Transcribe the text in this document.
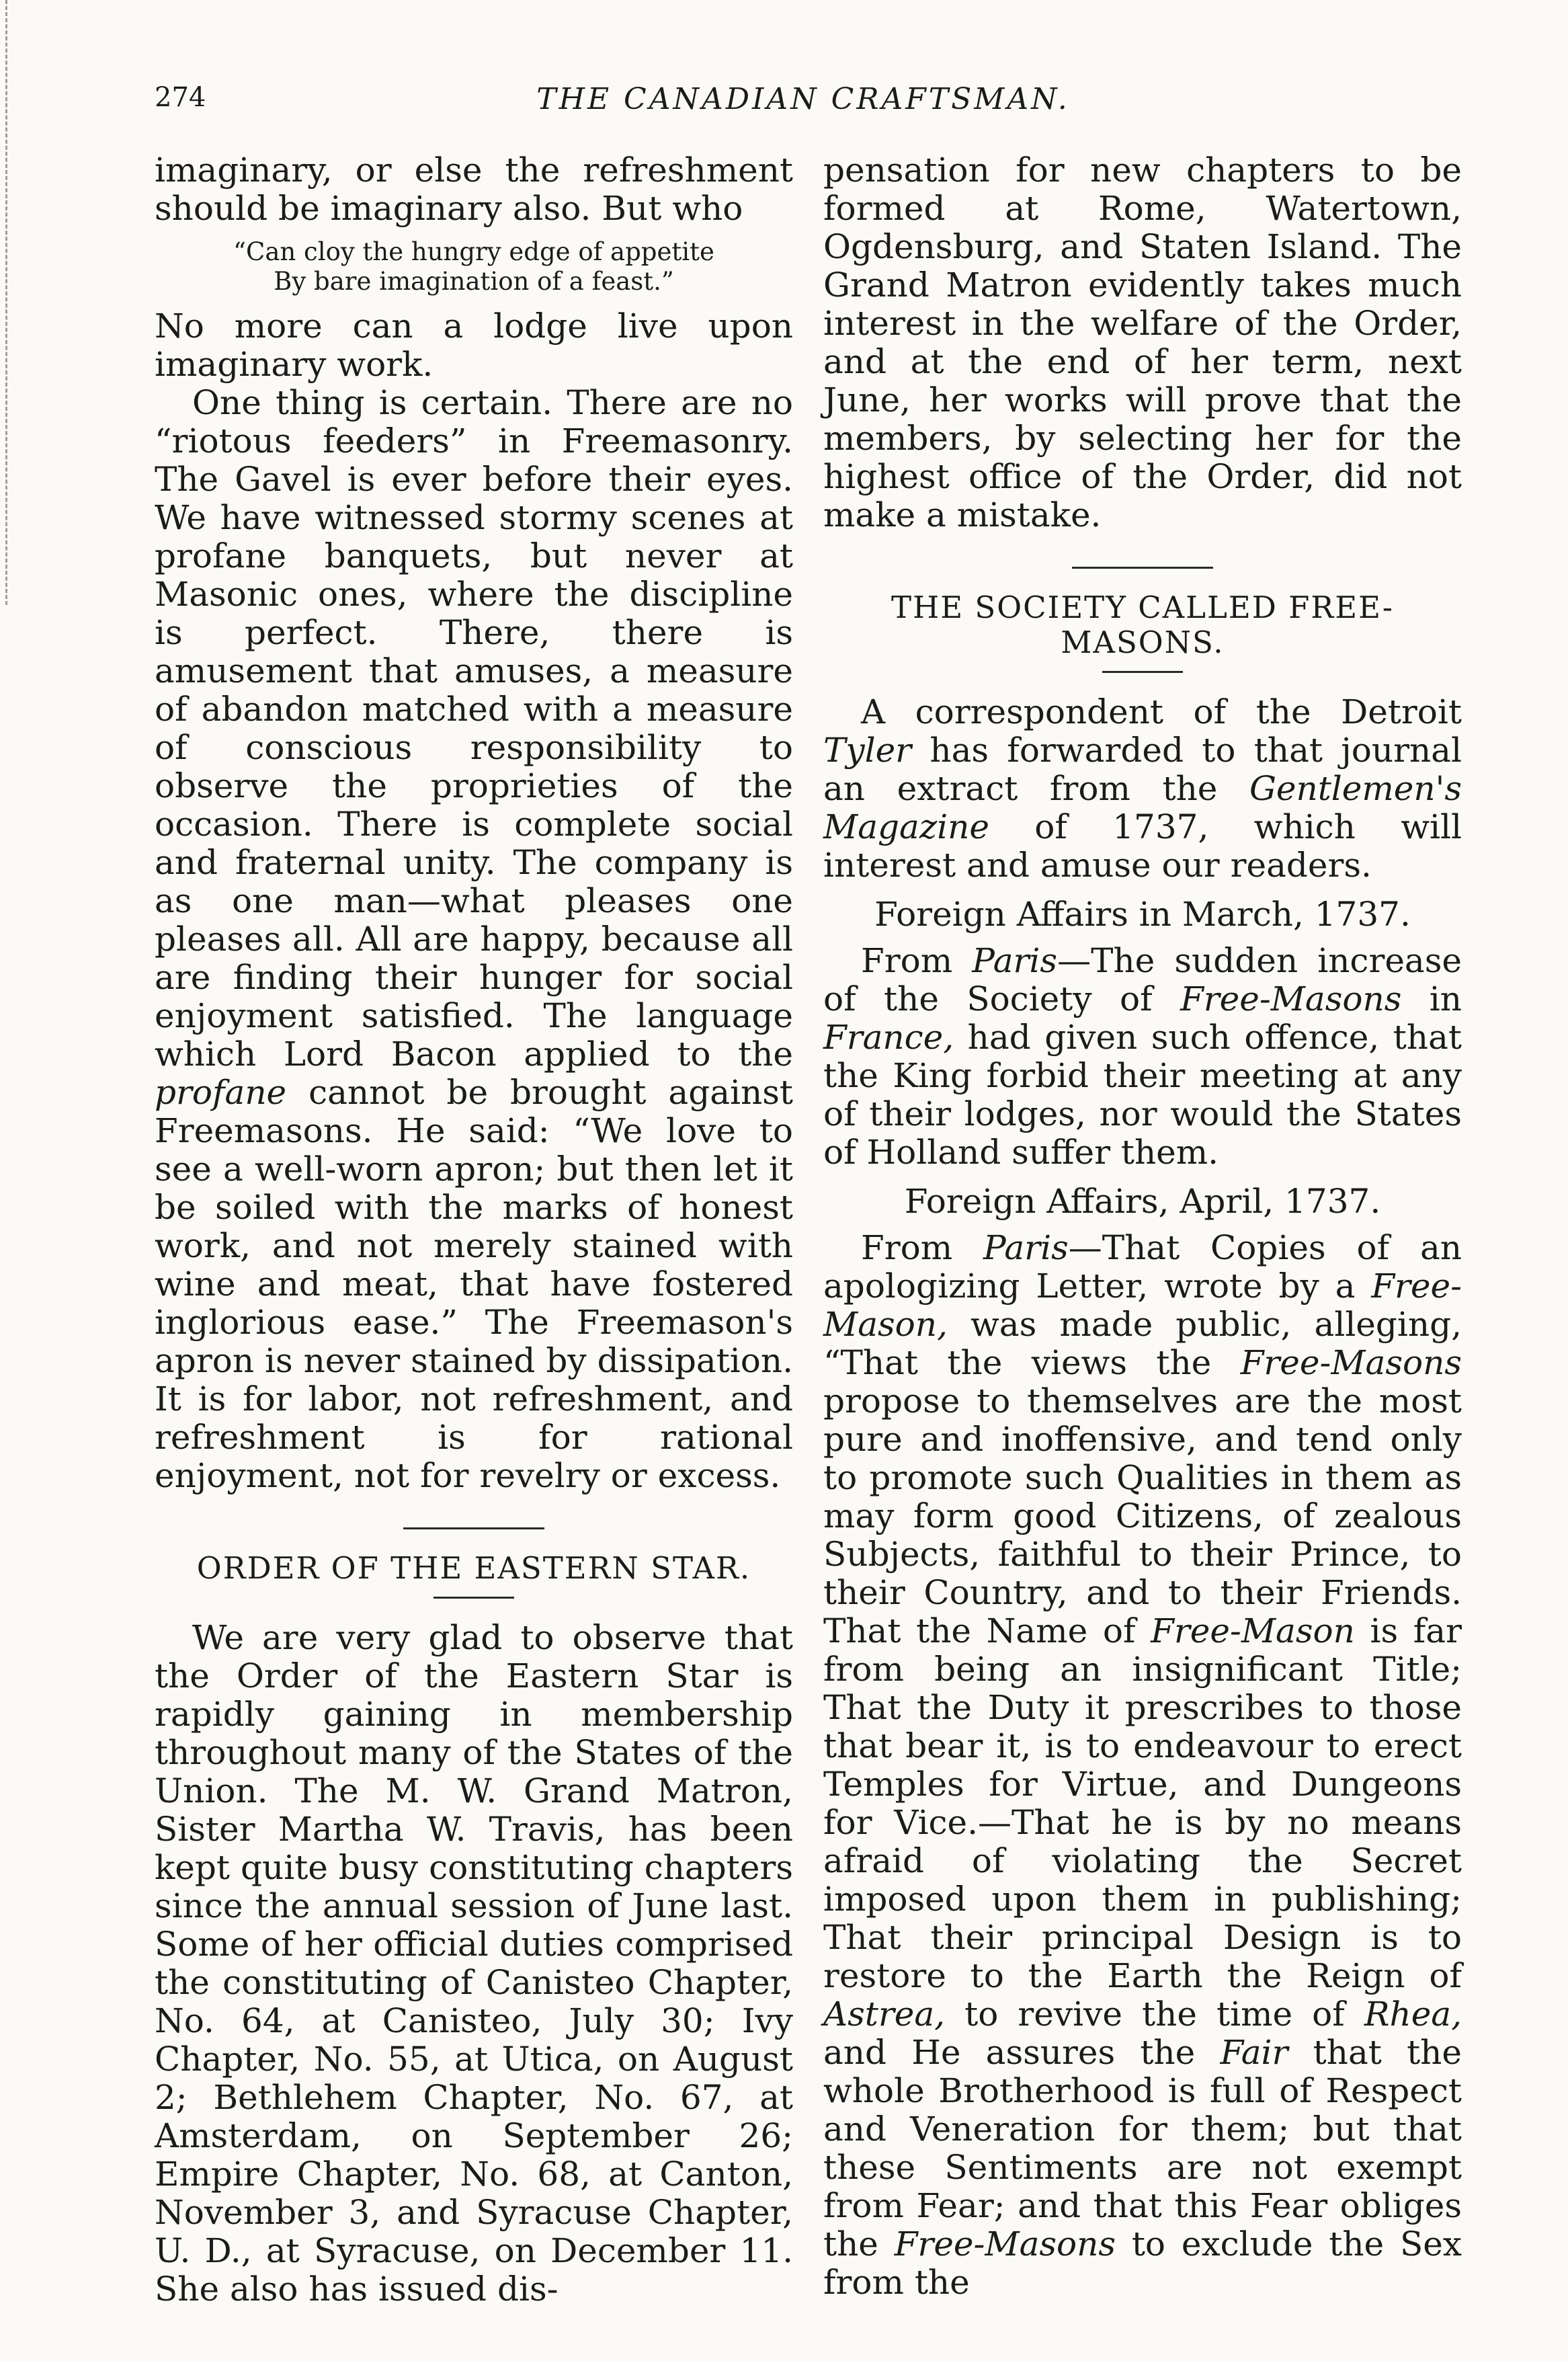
274	THE CANADIAN CRAFTSMAN.

imaginary, or else the refreshment should be imaginary also. But who

“Can cloy the hungry edge of appetite
By bare imagination of a feast.”

No more can a lodge live upon imaginary work.

One thing is certain. There are no “riotous feeders” in Freemasonry. The Gavel is ever before their eyes. We have witnessed stormy scenes at profane banquets, but never at Masonic ones, where the discipline is perfect. There, there is amusement that amuses, a measure of abandon matched with a measure of conscious responsibility to observe the proprieties of the occasion. There is complete social and fraternal unity. The company is as one man—what pleases one pleases all. All are happy, because all are finding their hunger for social enjoyment satisfied. The language which Lord Bacon applied to the profane cannot be brought against Freemasons. He said: “We love to see a well-worn apron; but then let it be soiled with the marks of honest work, and not merely stained with wine and meat, that have fostered inglorious ease.” The Freemason's apron is never stained by dissipation. It is for labor, not refreshment, and refreshment is for rational enjoyment, not for revelry or excess.

ORDER OF THE EASTERN STAR.

We are very glad to observe that the Order of the Eastern Star is rapidly gaining in membership throughout many of the States of the Union. The M. W. Grand Matron, Sister Martha W. Travis, has been kept quite busy constituting chapters since the annual session of June last. Some of her official duties comprised the constituting of Canisteo Chapter, No. 64, at Canisteo, July 30; Ivy Chapter, No. 55, at Utica, on August 2; Bethlehem Chapter, No. 67, at Amsterdam, on September 26; Empire Chapter, No. 68, at Canton, November 3, and Syracuse Chapter, U. D., at Syracuse, on December 11. She also has issued dis-

pensation for new chapters to be formed at Rome, Watertown, Ogdensburg, and Staten Island. The Grand Matron evidently takes much interest in the welfare of the Order, and at the end of her term, next June, her works will prove that the members, by selecting her for the highest office of the Order, did not make a mistake.

THE SOCIETY CALLED FREE-
MASONS.

A correspondent of the Detroit Tyler has forwarded to that journal an extract from the Gentlemen's Magazine of 1737, which will interest and amuse our readers.

Foreign Affairs in March, 1737.

From Paris—The sudden increase of the Society of Free-Masons in France, had given such offence, that the King forbid their meeting at any of their lodges, nor would the States of Holland suffer them.

Foreign Affairs, April, 1737.

From Paris—That Copies of an apologizing Letter, wrote by a Free-Mason, was made public, alleging, “That the views the Free-Masons propose to themselves are the most pure and inoffensive, and tend only to promote such Qualities in them as may form good Citizens, of zealous Subjects, faithful to their Prince, to their Country, and to their Friends. That the Name of Free-Mason is far from being an insignificant Title; That the Duty it prescribes to those that bear it, is to endeavour to erect Temples for Virtue, and Dungeons for Vice.—That he is by no means afraid of violating the Secret imposed upon them in publishing; That their principal Design is to restore to the Earth the Reign of Astrea, to revive the time of Rhea, and He assures the Fair that the whole Brotherhood is full of Respect and Veneration for them; but that these Sentiments are not exempt from Fear; and that this Fear obliges the Free-Masons to exclude the Sex from the
